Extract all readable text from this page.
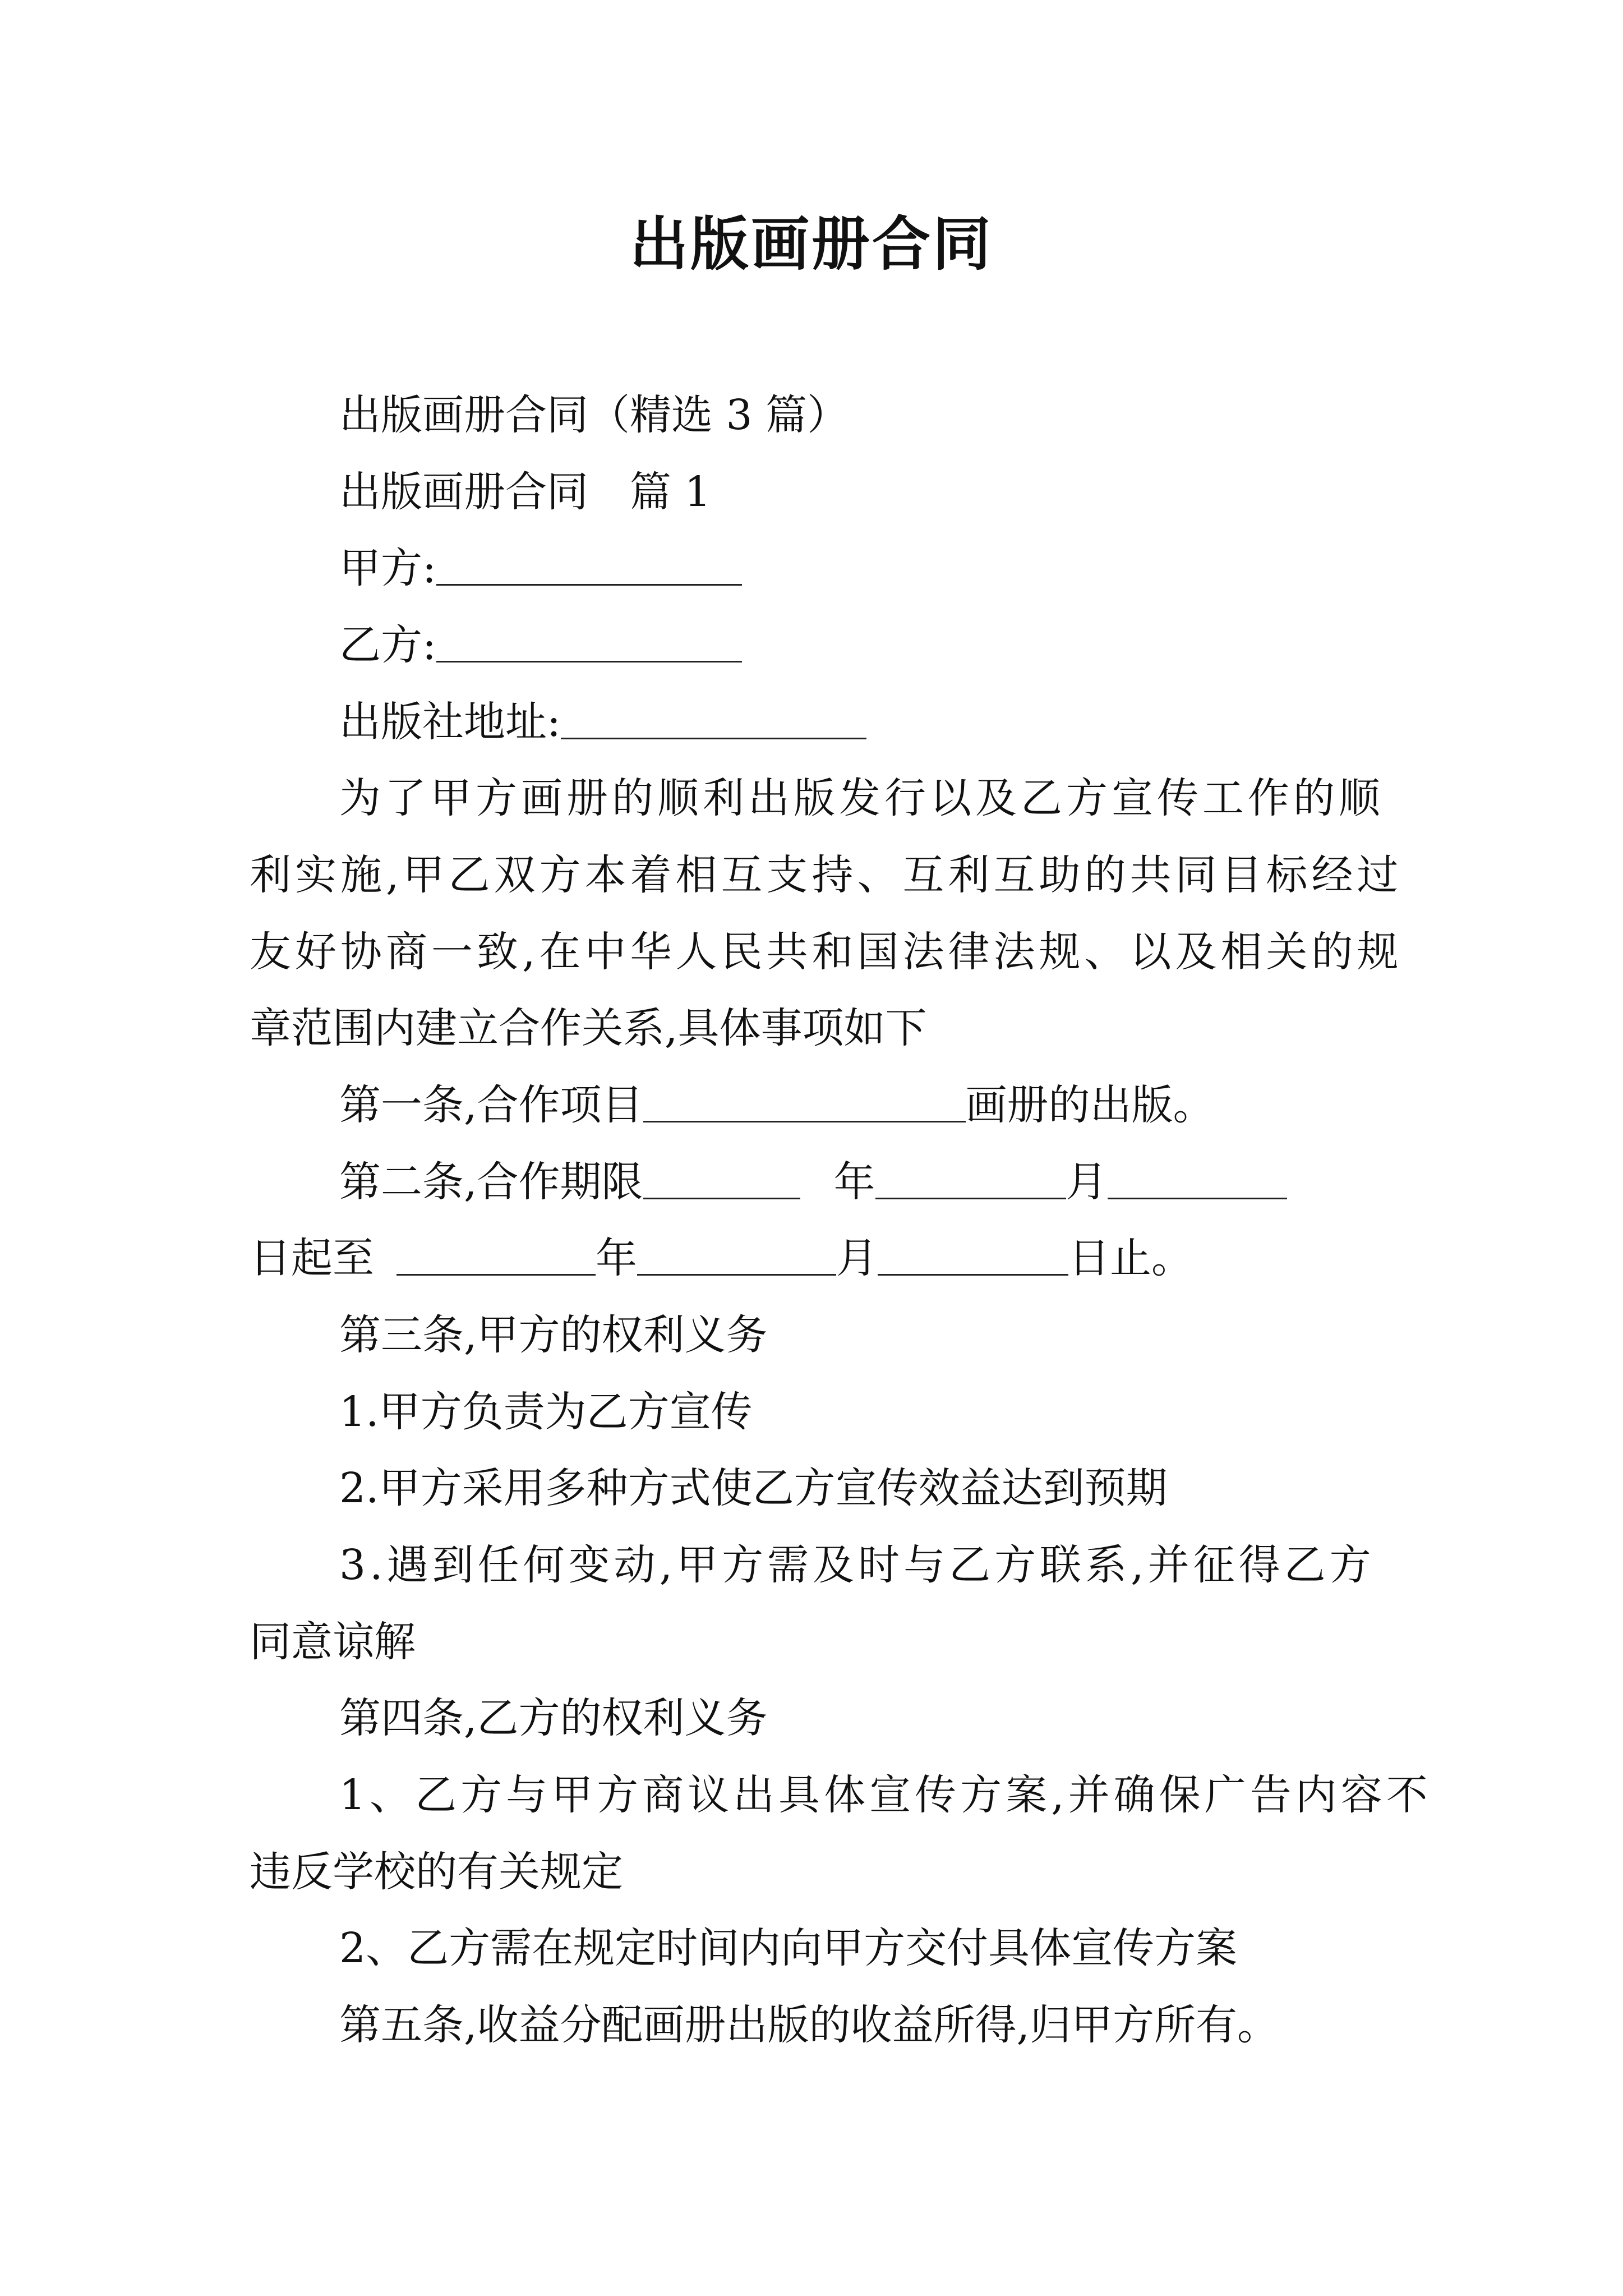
出版画册合同
出版画册合同（精选 3 篇）
出版画册合同　篇 1
甲方:
乙方:
出版社地址:
为了甲方画册的顺利出版发行以及乙方宣传工作的顺
利实施,甲乙双方本着相互支持、互利互助的共同目标经过
友好协商一致,在中华人民共和国法律法规、以及相关的规
章范围内建立合作关系,具体事项如下
第一条,合作项目	画册的出版。
第二条,合作期限	年	月
日起至	年	月	日止。
第三条,甲方的权利义务
1.甲方负责为乙方宣传
2.甲方采用多种方式使乙方宣传效益达到预期
3.遇到任何变动,甲方需及时与乙方联系,并征得乙方
同意谅解
第四条,乙方的权利义务
1、乙方与甲方商议出具体宣传方案,并确保广告内容不
违反学校的有关规定
2、乙方需在规定时间内向甲方交付具体宣传方案
第五条,收益分配画册出版的收益所得,归甲方所有。
